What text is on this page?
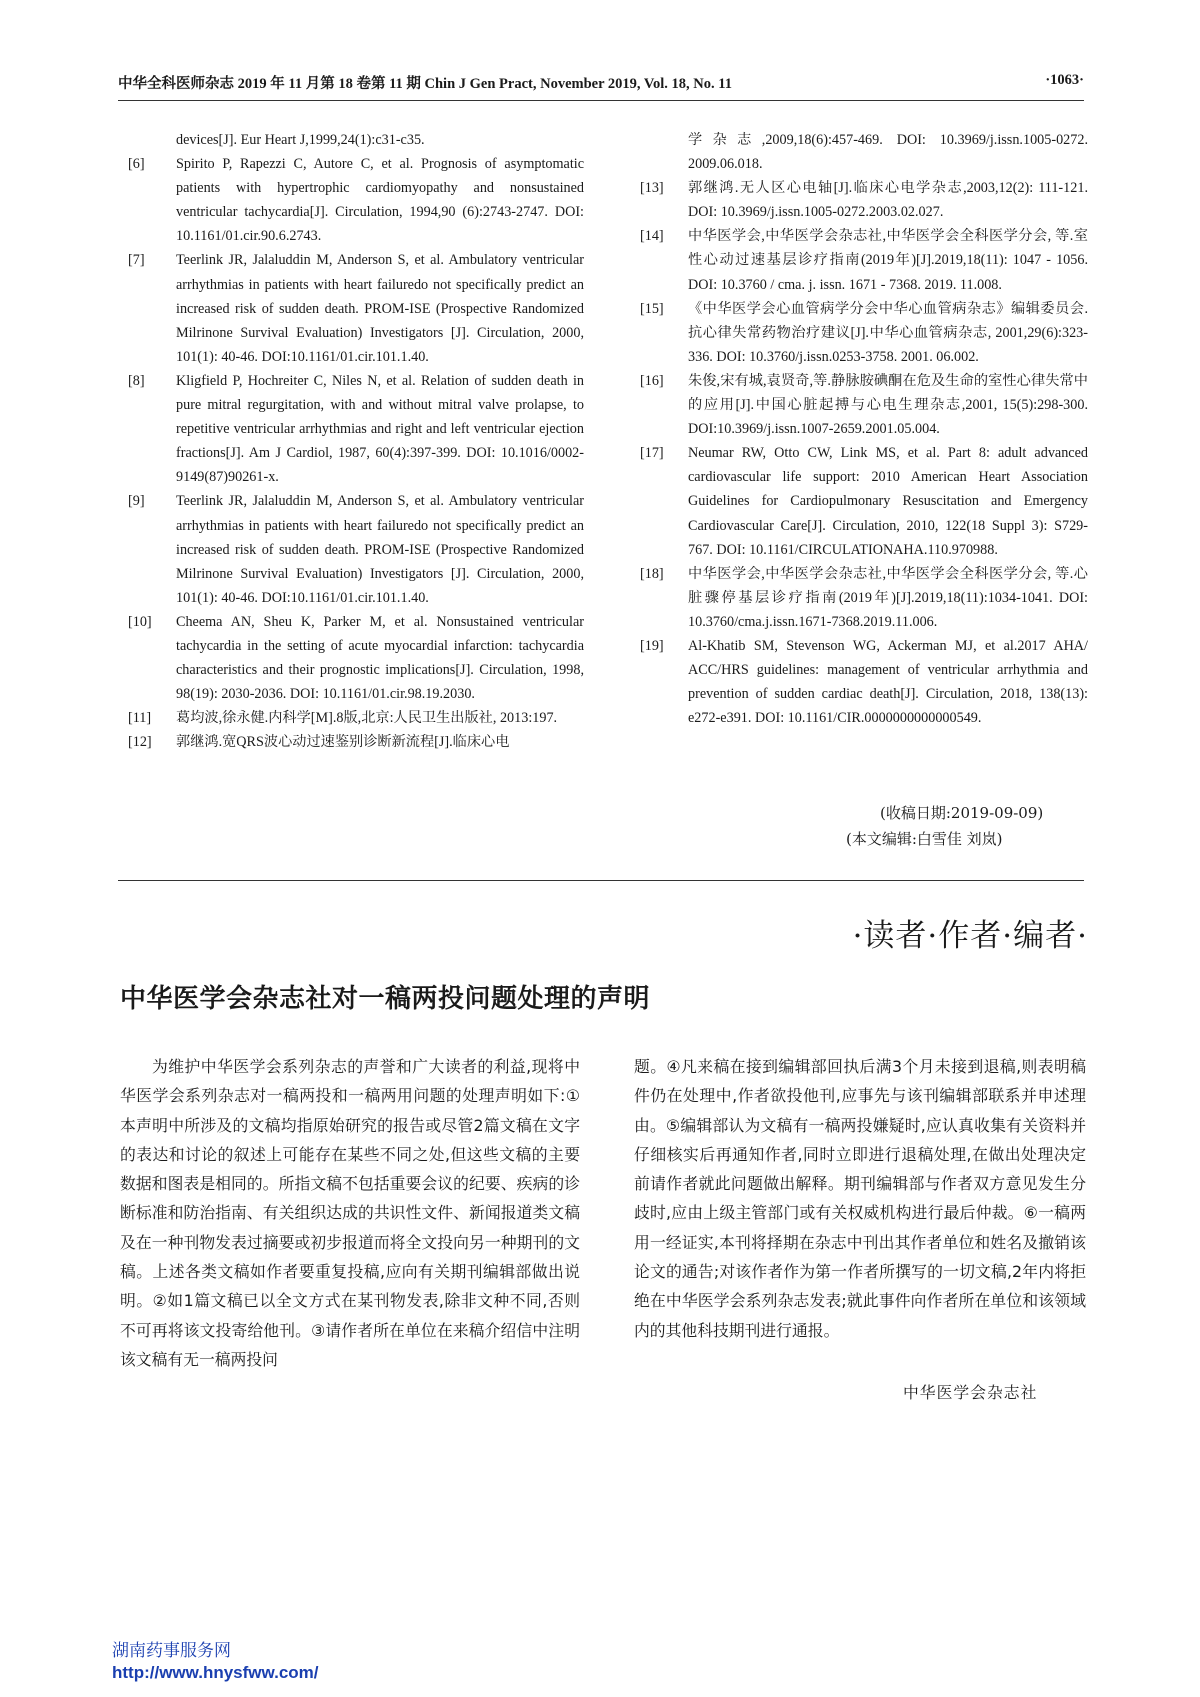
中华全科医师杂志 2019 年 11 月第 18 卷第 11 期 Chin J Gen Pract, November 2019, Vol. 18, No. 11	·1063·

devices[J]. Eur Heart J,1999,24(1):c31-c35.

[6] Spirito P, Rapezzi C, Autore C, et al. Prognosis of asymptomatic patients with hypertrophic cardiomyopathy and nonsustained ventricular tachycardia[J]. Circulation, 1994,90 (6):2743-2747. DOI: 10.1161/01.cir.90.6.2743.

[7] Teerlink JR, Jalaluddin M, Anderson S, et al. Ambulatory ventricular arrhythmias in patients with heart failuredo not specifically predict an increased risk of sudden death. PROM-ISE (Prospective Randomized Milrinone Survival Evaluation) Investigators [J]. Circulation, 2000, 101(1): 40-46. DOI:10.1161/01.cir.101.1.40.

[8] Kligfield P, Hochreiter C, Niles N, et al. Relation of sudden death in pure mitral regurgitation, with and without mitral valve prolapse, to repetitive ventricular arrhythmias and right and left ventricular ejection fractions[J]. Am J Cardiol, 1987, 60(4):397-399. DOI: 10.1016/0002-9149(87)90261-x.

[9] Teerlink JR, Jalaluddin M, Anderson S, et al. Ambulatory ventricular arrhythmias in patients with heart failuredo not specifically predict an increased risk of sudden death. PROM-ISE (Prospective Randomized Milrinone Survival Evaluation) Investigators [J]. Circulation, 2000, 101(1): 40-46. DOI:10.1161/01.cir.101.1.40.

[10] Cheema AN, Sheu K, Parker M, et al. Nonsustained ventricular tachycardia in the setting of acute myocardial infarction: tachycardia characteristics and their prognostic implications[J]. Circulation, 1998, 98(19): 2030-2036. DOI: 10.1161/01.cir.98.19.2030.

[11] 葛均波,徐永健.内科学[M].8版,北京:人民卫生出版社, 2013:197.

[12] 郭继鸿.宽QRS波心动过速鉴别诊断新流程[J].临床心电

学杂志,2009,18(6):457-469. DOI: 10.3969/j.issn.1005-0272. 2009.06.018.

[13] 郭继鸿.无人区心电轴[J].临床心电学杂志,2003,12(2): 111-121. DOI: 10.3969/j.issn.1005-0272.2003.02.027.

[14] 中华医学会,中华医学会杂志社,中华医学会全科医学分会, 等.室性心动过速基层诊疗指南(2019年)[J].2019,18(11): 1047 - 1056. DOI: 10.3760 / cma. j. issn. 1671 - 7368. 2019. 11.008.

[15] 《中华医学会心血管病学分会中华心血管病杂志》编辑委员会.抗心律失常药物治疗建议[J].中华心血管病杂志, 2001,29(6):323-336. DOI: 10.3760/j.issn.0253-3758. 2001. 06.002.

[16] 朱俊,宋有城,袁贤奇,等.静脉胺碘酮在危及生命的室性心律失常中的应用[J].中国心脏起搏与心电生理杂志,2001, 15(5):298-300. DOI:10.3969/j.issn.1007-2659.2001.05.004.

[17] Neumar RW, Otto CW, Link MS, et al. Part 8: adult advanced cardiovascular life support: 2010 American Heart Association Guidelines for Cardiopulmonary Resuscitation and Emergency Cardiovascular Care[J]. Circulation, 2010, 122(18 Suppl 3): S729-767. DOI: 10.1161/CIRCULATIONAHA.110.970988.

[18] 中华医学会,中华医学会杂志社,中华医学会全科医学分会, 等.心脏骤停基层诊疗指南(2019年)[J].2019,18(11):1034-1041. DOI: 10.3760/cma.j.issn.1671-7368.2019.11.006.

[19] Al-Khatib SM, Stevenson WG, Ackerman MJ, et al.2017 AHA/ ACC/HRS guidelines: management of ventricular arrhythmia and prevention of sudden cardiac death[J]. Circulation, 2018, 138(13): e272-e391. DOI: 10.1161/CIR.0000000000000549.

(收稿日期:2019-09-09)
(本文编辑:白雪佳 刘岚)
·读者·作者·编者·
中华医学会杂志社对一稿两投问题处理的声明
为维护中华医学会系列杂志的声誉和广大读者的利益,现将中华医学会系列杂志对一稿两投和一稿两用问题的处理声明如下:①本声明中所涉及的文稿均指原始研究的报告或尽管2篇文稿在文字的表达和讨论的叙述上可能存在某些不同之处,但这些文稿的主要数据和图表是相同的。所指文稿不包括重要会议的纪要、疾病的诊断标准和防治指南、有关组织达成的共识性文件、新闻报道类文稿及在一种刊物发表过摘要或初步报道而将全文投向另一种期刊的文稿。上述各类文稿如作者要重复投稿,应向有关期刊编辑部做出说明。②如1篇文稿已以全文方式在某刊物发表,除非文种不同,否则不可再将该文投寄给他刊。③请作者所在单位在来稿介绍信中注明该文稿有无一稿两投问
题。④凡来稿在接到编辑部回执后满3个月未接到退稿,则表明稿件仍在处理中,作者欲投他刊,应事先与该刊编辑部联系并申述理由。⑤编辑部认为文稿有一稿两投嫌疑时,应认真收集有关资料并仔细核实后再通知作者,同时立即进行退稿处理,在做出处理决定前请作者就此问题做出解释。期刊编辑部与作者双方意见发生分歧时,应由上级主管部门或有关权威机构进行最后仲裁。⑥一稿两用一经证实,本刊将择期在杂志中刊出其作者单位和姓名及撤销该论文的通告;对该作者作为第一作者所撰写的一切文稿,2年内将拒绝在中华医学会系列杂志发表;就此事件向作者所在单位和该领域内的其他科技期刊进行通报。
中华医学会杂志社
湖南药事服务网
http://www.hnysfww.com/
